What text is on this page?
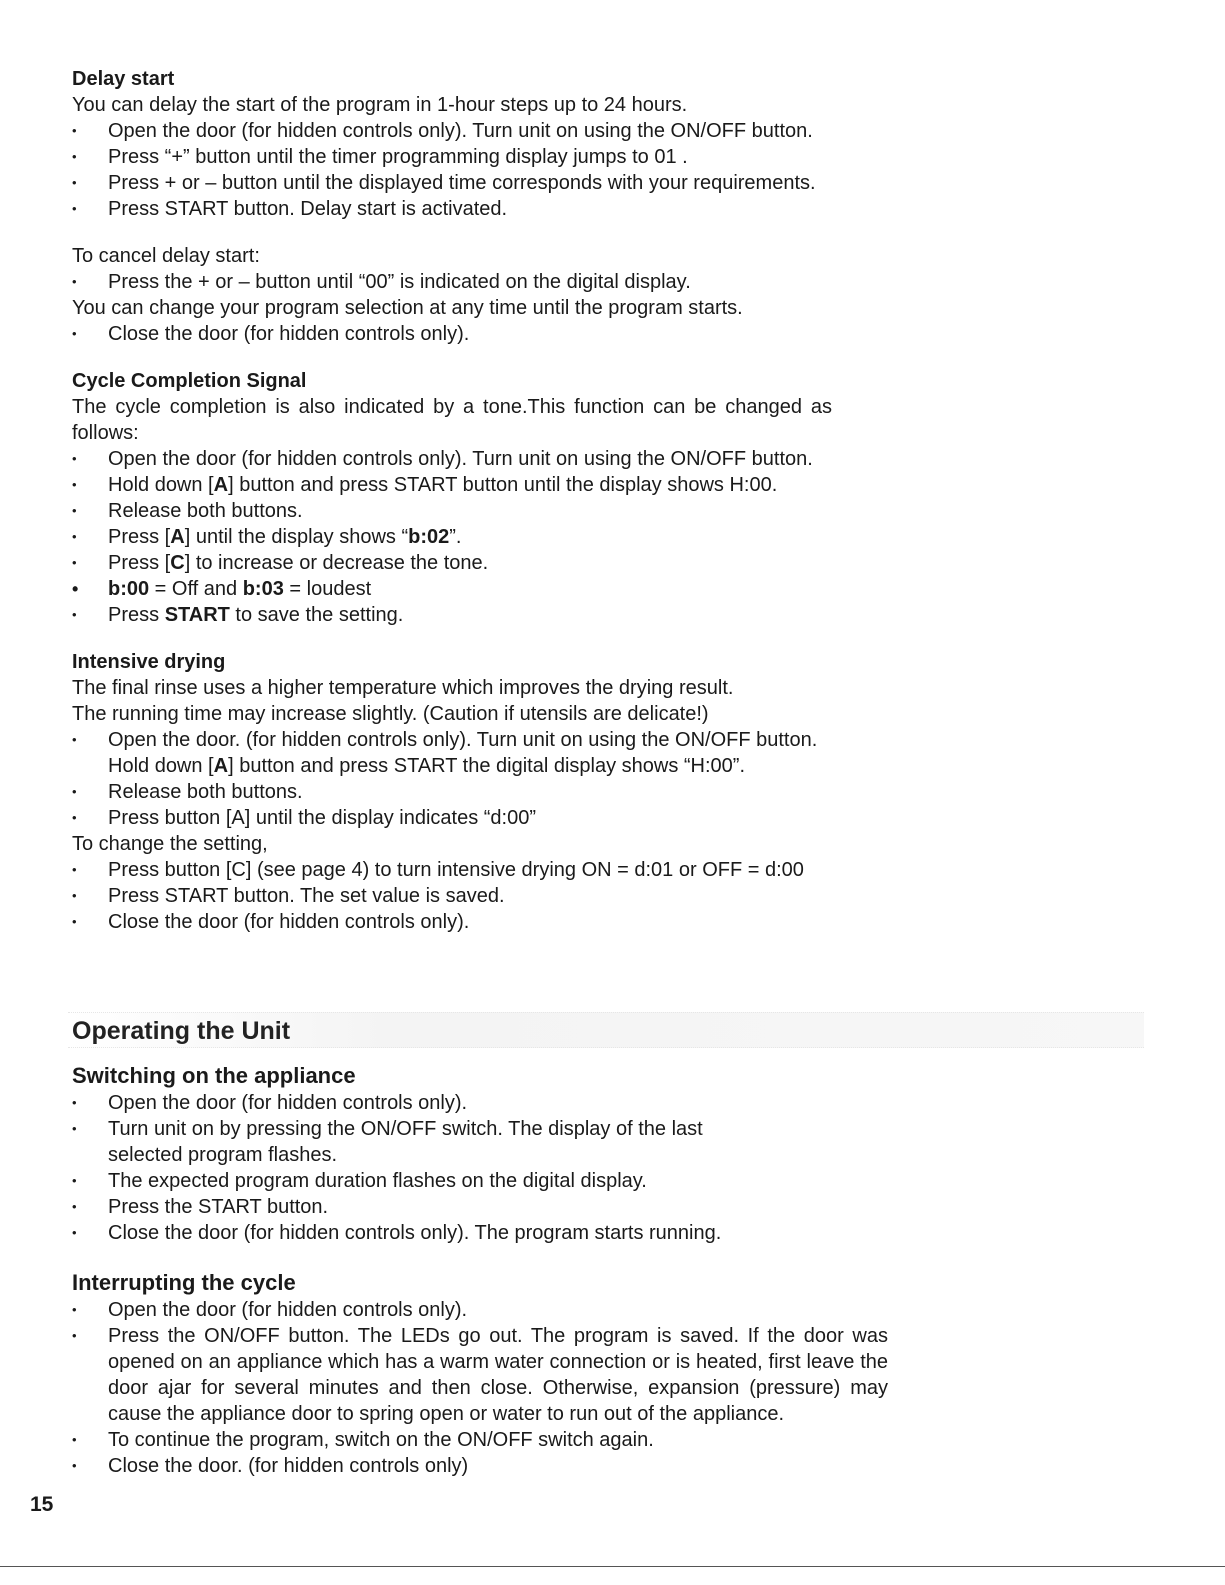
Delay start

You can delay the start of the program in 1-hour steps up to 24 hours.

• Open the door (for hidden controls only). Turn unit on using the ON/OFF button.
• Press “+” button until the timer programming display jumps to 01 .
• Press + or – button until the displayed time corresponds with your requirements.
• Press START button. Delay start is activated.

To cancel delay start:

• Press the + or – button until “00” is indicated on the digital display.

You can change your program selection at any time until the program starts.

• Close the door (for hidden controls only).

Cycle Completion Signal

The cycle completion is also indicated by a tone.This function can be changed as

follows:

• Open the door (for hidden controls only). Turn unit on using the ON/OFF button.
• Hold down [A] button and press START button until the display shows H:00.
• Release both buttons.
• Press [A] until the display shows “b:02”.
• Press [C] to increase or decrease the tone.
• b:00 = Off and b:03 = loudest
• Press START to save the setting.

Intensive drying

The final rinse uses a higher temperature which improves the drying result.

The running time may increase slightly. (Caution if utensils are delicate!)

• Open the door. (for hidden controls only). Turn unit on using the ON/OFF button.
Hold down [A] button and press START the digital display shows “H:00”.
• Release both buttons.
• Press button [A] until the display indicates “d:00”

To change the setting,

• Press button [C] (see page 4) to turn intensive drying ON = d:01 or OFF = d:00
• Press START button. The set value is saved.
• Close the door (for hidden controls only).
Operating the Unit

Switching on the appliance

• Open the door (for hidden controls only).
• Turn unit on by pressing the ON/OFF switch. The display of the last selected program flashes.
• The expected program duration flashes on the digital display.
• Press the START button.
• Close the door (for hidden controls only). The program starts running.

Interrupting the cycle

• Open the door (for hidden controls only).
• Press the ON/OFF button. The LEDs go out. The program is saved. If the door was opened on an appliance which has a warm water connection or is heated, first leave the door ajar for several minutes and then close. Otherwise, expansion (pressure) may cause the appliance door to spring open or water to run out of the appliance.
• To continue the program, switch on the ON/OFF switch again.
• Close the door. (for hidden controls only)
15
